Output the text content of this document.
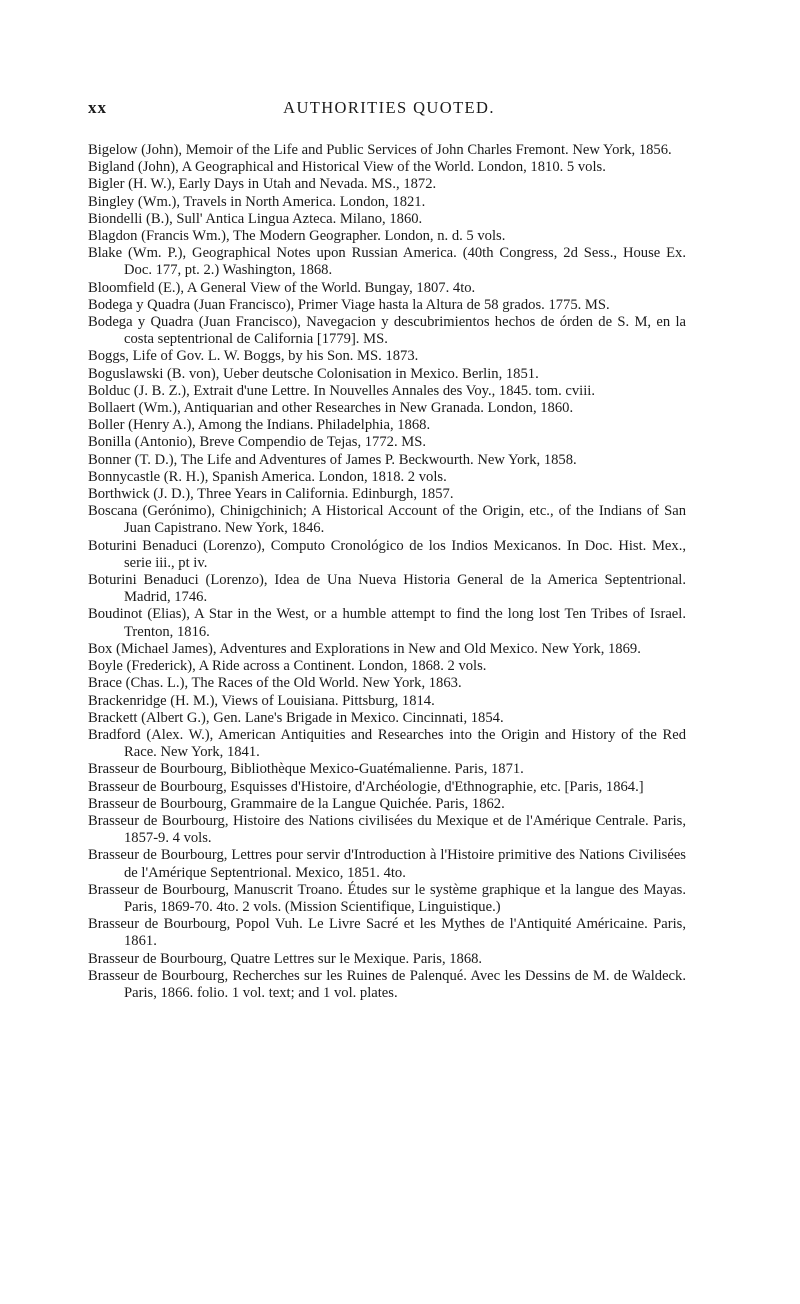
xx	AUTHORITIES QUOTED.
Bigelow (John), Memoir of the Life and Public Services of John Charles Fremont. New York, 1856.
Bigland (John), A Geographical and Historical View of the World. London, 1810. 5 vols.
Bigler (H. W.), Early Days in Utah and Nevada. MS., 1872.
Bingley (Wm.), Travels in North America. London, 1821.
Biondelli (B.), Sull' Antica Lingua Azteca. Milano, 1860.
Blagdon (Francis Wm.), The Modern Geographer. London, n. d. 5 vols.
Blake (Wm. P.), Geographical Notes upon Russian America. (40th Congress, 2d Sess., House Ex. Doc. 177, pt. 2.) Washington, 1868.
Bloomfield (E.), A General View of the World. Bungay, 1807. 4to.
Bodega y Quadra (Juan Francisco), Primer Viage hasta la Altura de 58 grados. 1775. MS.
Bodega y Quadra (Juan Francisco), Navegacion y descubrimientos hechos de órden de S. M, en la costa septentrional de California [1779]. MS.
Boggs, Life of Gov. L. W. Boggs, by his Son. MS. 1873.
Boguslawski (B. von), Ueber deutsche Colonisation in Mexico. Berlin, 1851.
Bolduc (J. B. Z.), Extrait d'une Lettre. In Nouvelles Annales des Voy., 1845. tom. cviii.
Bollaert (Wm.), Antiquarian and other Researches in New Granada. London, 1860.
Boller (Henry A.), Among the Indians. Philadelphia, 1868.
Bonilla (Antonio), Breve Compendio de Tejas, 1772. MS.
Bonner (T. D.), The Life and Adventures of James P. Beckwourth. New York, 1858.
Bonnycastle (R. H.), Spanish America. London, 1818. 2 vols.
Borthwick (J. D.), Three Years in California. Edinburgh, 1857.
Boscana (Gerónimo), Chinigchinich; A Historical Account of the Origin, etc., of the Indians of San Juan Capistrano. New York, 1846.
Boturini Benaduci (Lorenzo), Computo Cronológico de los Indios Mexicanos. In Doc. Hist. Mex., serie iii., pt iv.
Boturini Benaduci (Lorenzo), Idea de Una Nueva Historia General de la America Septentrional. Madrid, 1746.
Boudinot (Elias), A Star in the West, or a humble attempt to find the long lost Ten Tribes of Israel. Trenton, 1816.
Box (Michael James), Adventures and Explorations in New and Old Mexico. New York, 1869.
Boyle (Frederick), A Ride across a Continent. London, 1868. 2 vols.
Brace (Chas. L.), The Races of the Old World. New York, 1863.
Brackenridge (H. M.), Views of Louisiana. Pittsburg, 1814.
Brackett (Albert G.), Gen. Lane's Brigade in Mexico. Cincinnati, 1854.
Bradford (Alex. W.), American Antiquities and Researches into the Origin and History of the Red Race. New York, 1841.
Brasseur de Bourbourg, Bibliothèque Mexico-Guatémalienne. Paris, 1871.
Brasseur de Bourbourg, Esquisses d'Histoire, d'Archéologie, d'Ethnographie, etc. [Paris, 1864.]
Brasseur de Bourbourg, Grammaire de la Langue Quichée. Paris, 1862.
Brasseur de Bourbourg, Histoire des Nations civilisées du Mexique et de l'Amérique Centrale. Paris, 1857-9. 4 vols.
Brasseur de Bourbourg, Lettres pour servir d'Introduction à l'Histoire primitive des Nations Civilisées de l'Amérique Septentrional. Mexico, 1851. 4to.
Brasseur de Bourbourg, Manuscrit Troano. Études sur le système graphique et la langue des Mayas. Paris, 1869-70. 4to. 2 vols. (Mission Scientifique, Linguistique.)
Brasseur de Bourbourg, Popol Vuh. Le Livre Sacré et les Mythes de l'Antiquité Américaine. Paris, 1861.
Brasseur de Bourbourg, Quatre Lettres sur le Mexique. Paris, 1868.
Brasseur de Bourbourg, Recherches sur les Ruines de Palenqué. Avec les Dessins de M. de Waldeck. Paris, 1866. folio. 1 vol. text; and 1 vol. plates.
